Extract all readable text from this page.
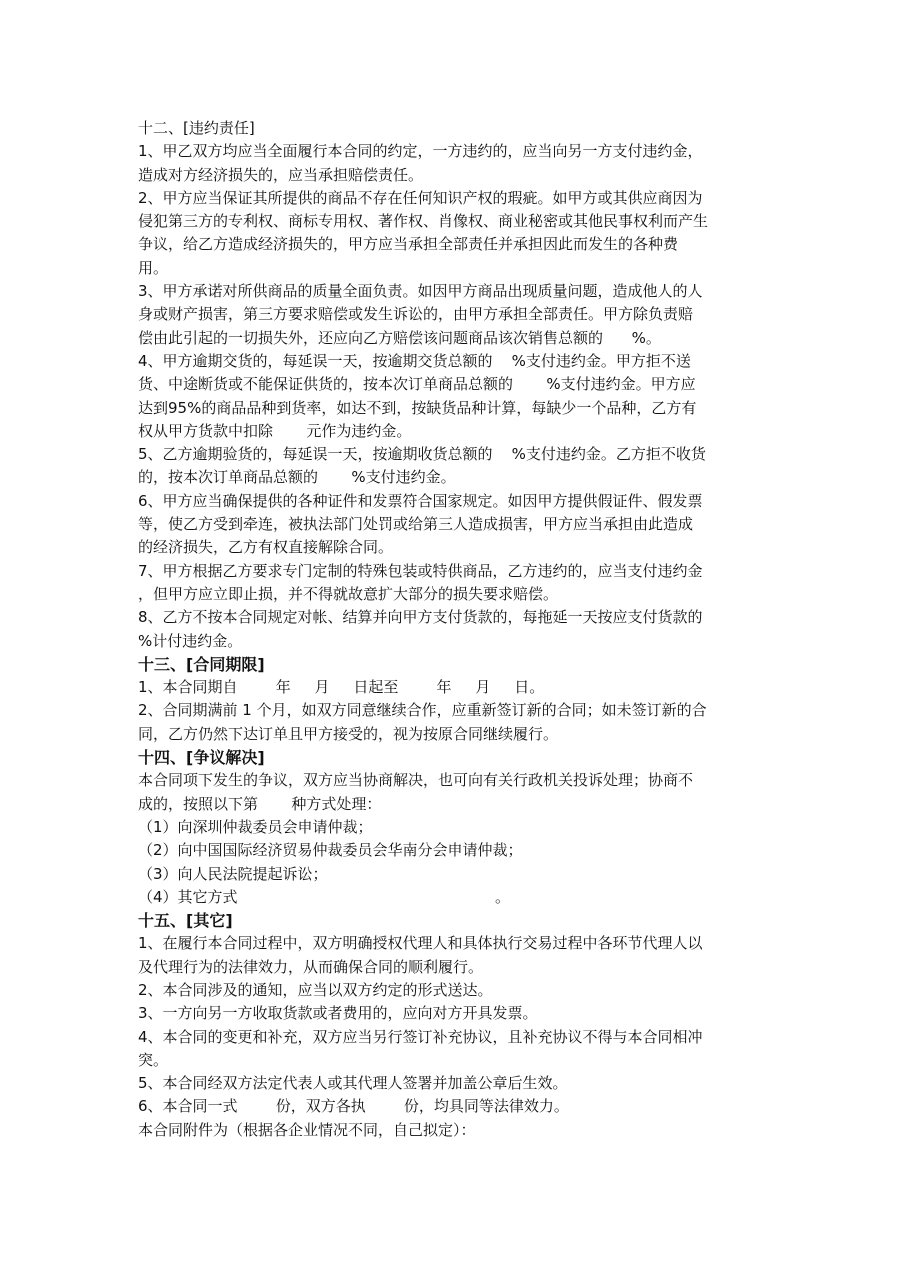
十二、[违约责任]
1、甲乙双方均应当全面履行本合同的约定，一方违约的，应当向另一方支付违约金，
造成对方经济损失的，应当承担赔偿责任。
2、甲方应当保证其所提供的商品不存在任何知识产权的瑕疵。如甲方或其供应商因为
侵犯第三方的专利权、商标专用权、著作权、肖像权、商业秘密或其他民事权利而产生
争议，给乙方造成经济损失的，甲方应当承担全部责任并承担因此而发生的各种费
用。
3、甲方承诺对所供商品的质量全面负责。如因甲方商品出现质量问题，造成他人的人
身或财产损害，第三方要求赔偿或发生诉讼的，由甲方承担全部责任。甲方除负责赔
偿由此引起的一切损失外，还应向乙方赔偿该问题商品该次销售总额的      %。
4、甲方逾期交货的，每延误一天，按逾期交货总额的    %支付违约金。甲方拒不送
货、中途断货或不能保证供货的，按本次订单商品总额的       %支付违约金。甲方应
达到95%的商品品种到货率，如达不到，按缺货品种计算，每缺少一个品种，乙方有
权从甲方货款中扣除       元作为违约金。
5、乙方逾期验货的，每延误一天，按逾期收货总额的    %支付违约金。乙方拒不收货
的，按本次订单商品总额的       %支付违约金。
6、甲方应当确保提供的各种证件和发票符合国家规定。如因甲方提供假证件、假发票
等，使乙方受到牵连，被执法部门处罚或给第三人造成损害，甲方应当承担由此造成
的经济损失，乙方有权直接解除合同。
7、甲方根据乙方要求专门定制的特殊包装或特供商品，乙方违约的，应当支付违约金
，但甲方应立即止损，并不得就故意扩大部分的损失要求赔偿。
8、乙方不按本合同规定对帐、结算并向甲方支付货款的，每拖延一天按应支付货款的
%计付违约金。
十三、[合同期限]
1、本合同期自        年     月     日起至        年     月     日。
2、合同期满前 1 个月，如双方同意继续合作，应重新签订新的合同；如未签订新的合
同，乙方仍然下达订单且甲方接受的，视为按原合同继续履行。
十四、[争议解决]
本合同项下发生的争议，双方应当协商解决，也可向有关行政机关投诉处理；协商不
成的，按照以下第       种方式处理：
（1）向深圳仲裁委员会申请仲裁；
（2）向中国国际经济贸易仲裁委员会华南分会申请仲裁；
（3）向人民法院提起诉讼；
（4）其它方式                                                      。
十五、[其它]
1、在履行本合同过程中，双方明确授权代理人和具体执行交易过程中各环节代理人以
及代理行为的法律效力，从而确保合同的顺利履行。
2、本合同涉及的通知，应当以双方约定的形式送达。
3、一方向另一方收取货款或者费用的，应向对方开具发票。
4、本合同的变更和补充，双方应当另行签订补充协议，且补充协议不得与本合同相冲
突。
5、本合同经双方法定代表人或其代理人签署并加盖公章后生效。
6、本合同一式        份，双方各执        份，均具同等法律效力。
本合同附件为（根据各企业情况不同，自己拟定）：
